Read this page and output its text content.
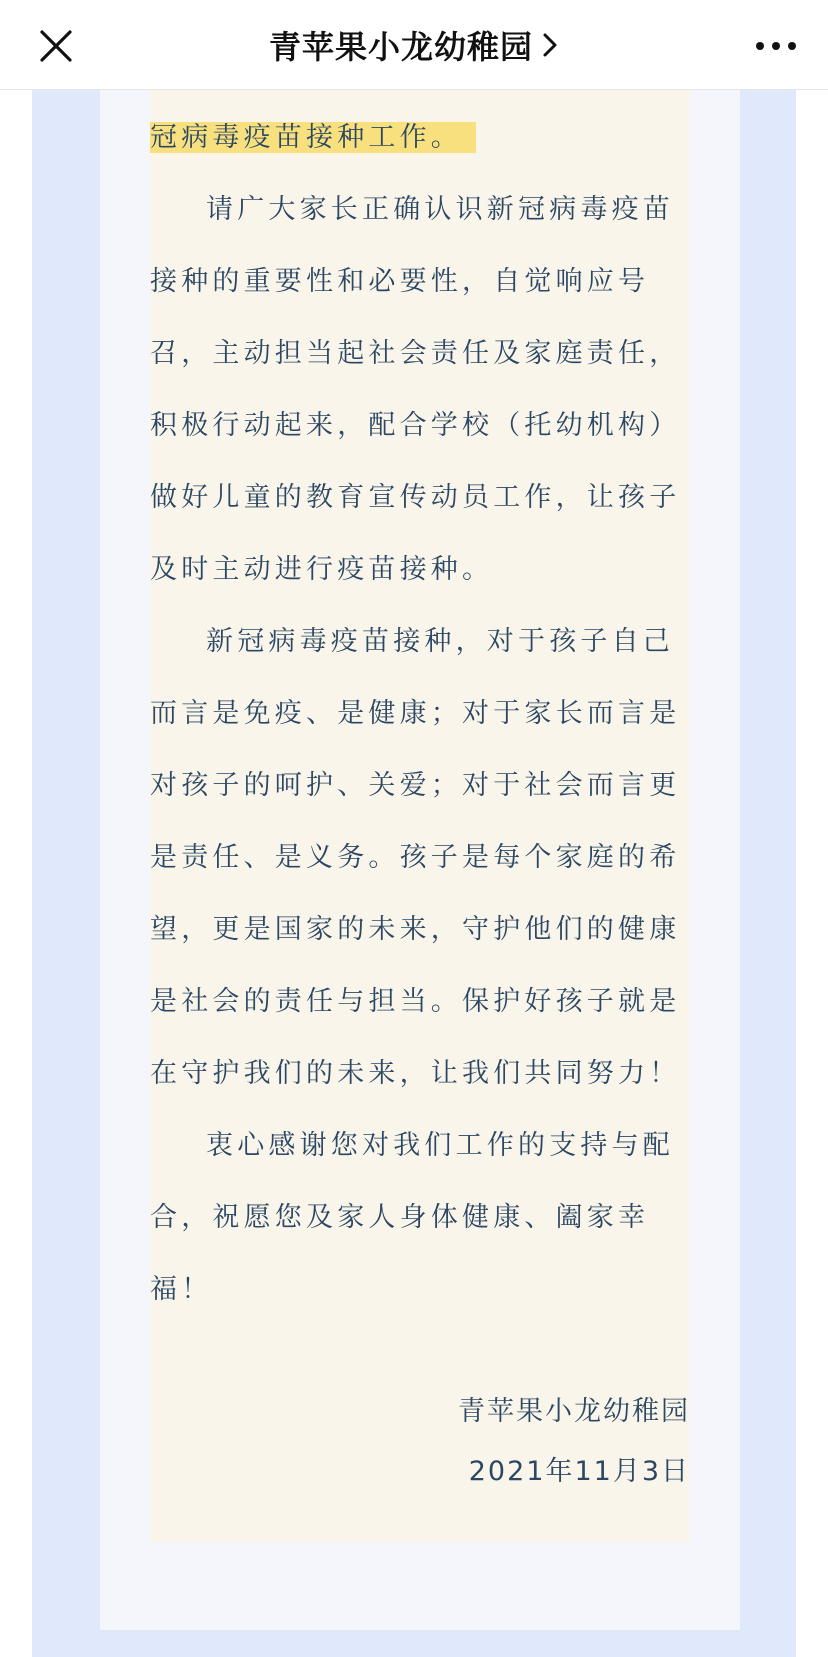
青苹果小龙幼稚园

冠病毒疫苗接种工作。

请广大家长正确认识新冠病毒疫苗接种的重要性和必要性，自觉响应号召，主动担当起社会责任及家庭责任，积极行动起来，配合学校（托幼机构）做好儿童的教育宣传动员工作，让孩子及时主动进行疫苗接种。

新冠病毒疫苗接种，对于孩子自己而言是免疫、是健康；对于家长而言是对孩子的呵护、关爱；对于社会而言更是责任、是义务。孩子是每个家庭的希望，更是国家的未来，守护他们的健康是社会的责任与担当。保护好孩子就是在守护我们的未来，让我们共同努力！

衷心感谢您对我们工作的支持与配合，祝愿您及家人身体健康、阖家幸福！

青苹果小龙幼稚园

2021年11月3日
